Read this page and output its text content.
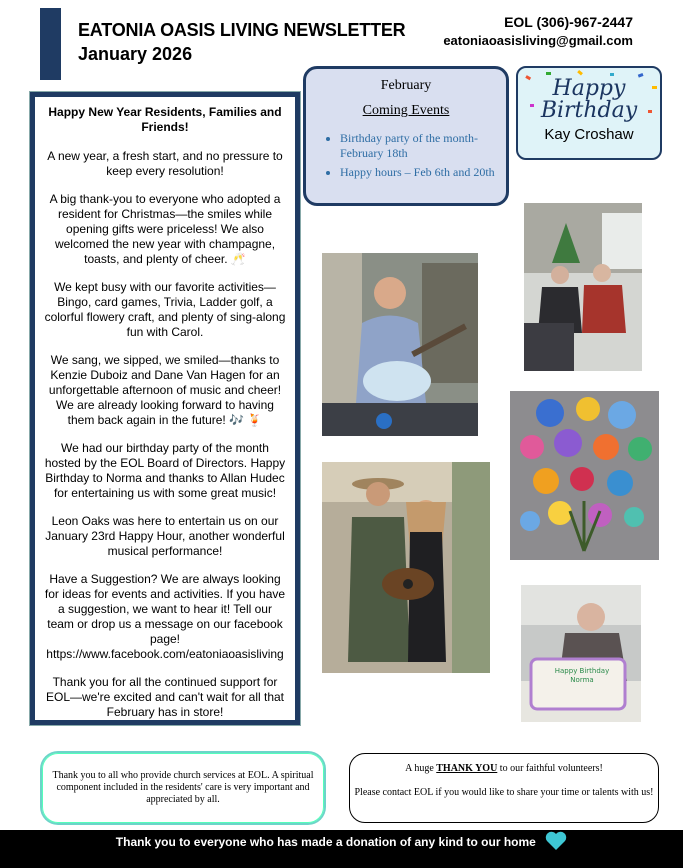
EATONIA OASIS LIVING NEWSLETTER
January 2026
EOL (306)-967-2447
eatoniaoasisliving@gmail.com
February
Coming Events
• Birthday party of the month- February 18th
• Happy hours – Feb 6th and 20th
Happy Birthday
Kay Croshaw

Happy New Year Residents, Families and Friends!

A new year, a fresh start, and no pressure to keep every resolution!

A big thank-you to everyone who adopted a resident for Christmas—the smiles while opening gifts were priceless! We also welcomed the new year with champagne, toasts, and plenty of cheer. 🥂

We kept busy with our favorite activities—Bingo, card games, Trivia, Ladder golf, a colorful flowery craft, and plenty of sing-along fun with Carol.

We sang, we sipped, we smiled—thanks to Kenzie Duboiz and Dane Van Hagen for an unforgettable afternoon of music and cheer! We are already looking forward to having them back again in the future! 🎶 🍹

We had our birthday party of the month hosted by the EOL Board of Directors. Happy Birthday to Norma and thanks to Allan Hudec for entertaining us with some great music!

Leon Oaks was here to entertain us on our January 23rd Happy Hour, another wonderful musical performance!

Have a Suggestion? We are always looking for ideas for events and activities. If you have a suggestion, we want to hear it! Tell our team or drop us a message on our facebook page! https://www.facebook.com/eatoniaoasisliving

Thank you for all the continued support for EOL—we're excited and can't wait for all that February has in store!

Happy Birthday Norma
Thank you to all who provide church services at EOL. A spiritual component included in the residents' care is very important and appreciated by all.
A huge THANK YOU to our faithful volunteers!
Please contact EOL if you would like to share your time or talents with us!
Thank you to everyone who has made a donation of any kind to our home
